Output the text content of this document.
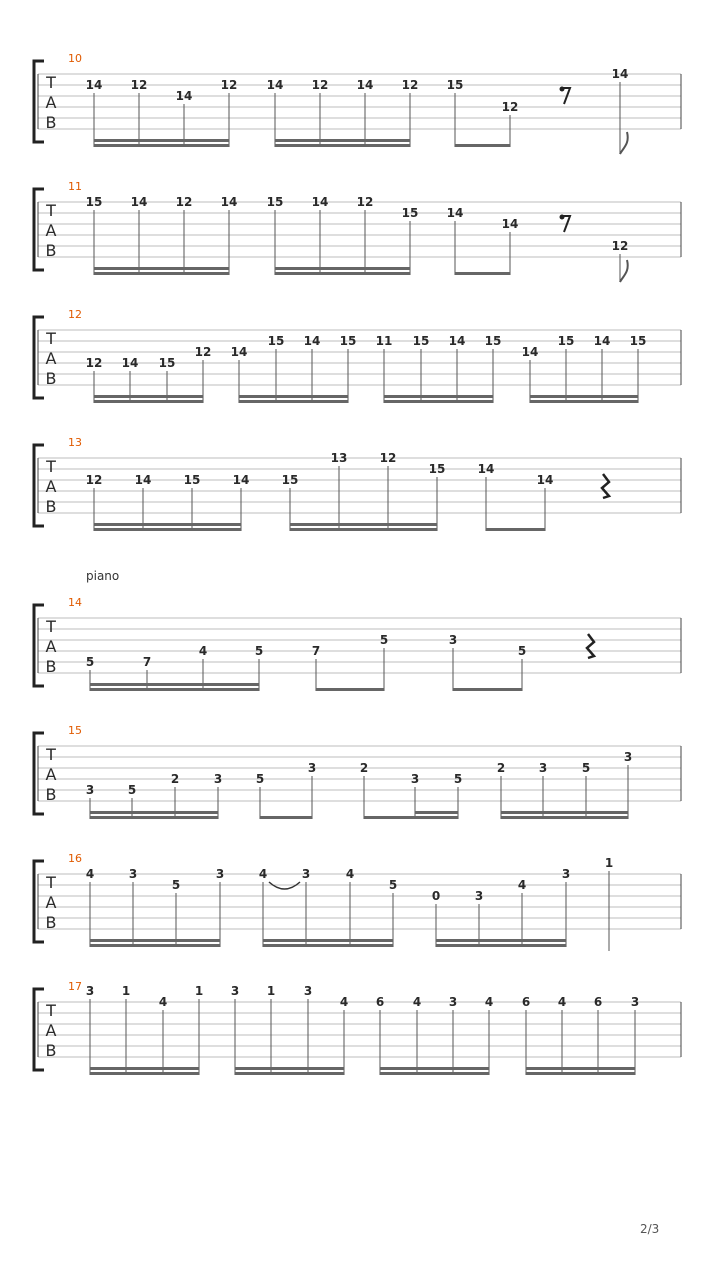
piano
T
A
B
10
14 12
14
12 14 12 14 12 15
12
14
T
A
B
11
15 14 12 14 15 14 12
15 14
14
12
T
A
B
12
12 14 15
12 14
15 14 15 11 15 14 15
14
15 14 15
T
A
B
13
12	14	15	14	15
13	12
15	14
14
T
A
B
14
5	7
4	5	7
5	3
5
T
A
B
15
3	5
2	3	5
3	2
3	5
2	3	5
3
T
A
B
16
4	3
5
3	4	3	4
5
0	3
4
3
1
T
A
B
17 3 1
4
1 3 1 3
4 6 4 3 4 6 4 6 3
2/3
